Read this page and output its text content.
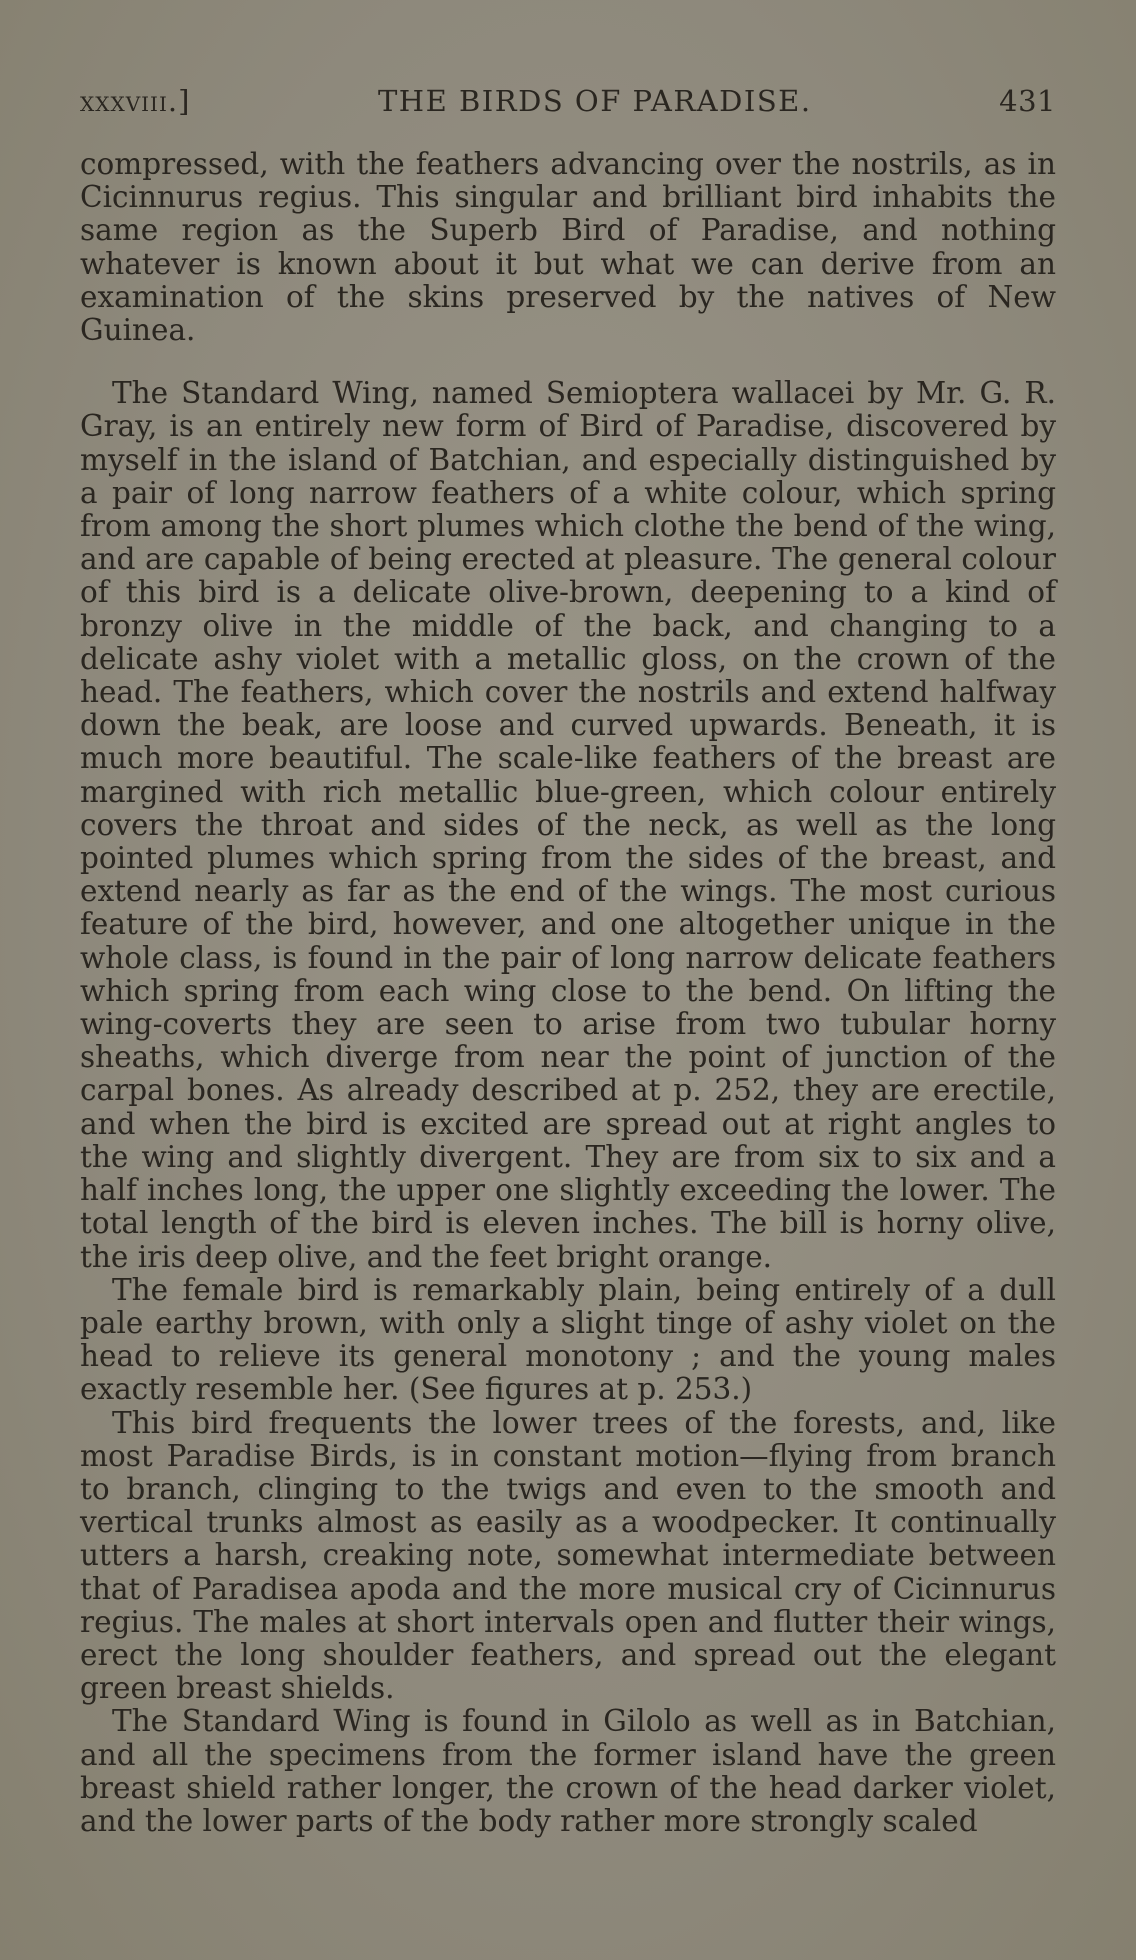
xxxviii.]	THE BIRDS OF PARADISE.	431

compressed, with the feathers advancing over the nostrils, as in Cicinnurus regius. This singular and brilliant bird inhabits the same region as the Superb Bird of Paradise, and nothing whatever is known about it but what we can derive from an examination of the skins preserved by the natives of New Guinea.

The Standard Wing, named Semioptera wallacei by Mr. G. R. Gray, is an entirely new form of Bird of Paradise, discovered by myself in the island of Batchian, and especially distinguished by a pair of long narrow feathers of a white colour, which spring from among the short plumes which clothe the bend of the wing, and are capable of being erected at pleasure. The general colour of this bird is a delicate olive-brown, deepening to a kind of bronzy olive in the middle of the back, and changing to a delicate ashy violet with a metallic gloss, on the crown of the head. The feathers, which cover the nostrils and extend halfway down the beak, are loose and curved upwards. Beneath, it is much more beautiful. The scale-like feathers of the breast are margined with rich metallic blue-green, which colour entirely covers the throat and sides of the neck, as well as the long pointed plumes which spring from the sides of the breast, and extend nearly as far as the end of the wings. The most curious feature of the bird, however, and one altogether unique in the whole class, is found in the pair of long narrow delicate feathers which spring from each wing close to the bend. On lifting the wing-coverts they are seen to arise from two tubular horny sheaths, which diverge from near the point of junction of the carpal bones. As already described at p. 252, they are erectile, and when the bird is excited are spread out at right angles to the wing and slightly divergent. They are from six to six and a half inches long, the upper one slightly exceeding the lower. The total length of the bird is eleven inches. The bill is horny olive, the iris deep olive, and the feet bright orange.

The female bird is remarkably plain, being entirely of a dull pale earthy brown, with only a slight tinge of ashy violet on the head to relieve its general monotony ; and the young males exactly resemble her. (See figures at p. 253.)

This bird frequents the lower trees of the forests, and, like most Paradise Birds, is in constant motion—flying from branch to branch, clinging to the twigs and even to the smooth and vertical trunks almost as easily as a woodpecker. It continually utters a harsh, creaking note, somewhat intermediate between that of Paradisea apoda and the more musical cry of Cicinnurus regius. The males at short intervals open and flutter their wings, erect the long shoulder feathers, and spread out the elegant green breast shields.

The Standard Wing is found in Gilolo as well as in Batchian, and all the specimens from the former island have the green breast shield rather longer, the crown of the head darker violet, and the lower parts of the body rather more strongly scaled
